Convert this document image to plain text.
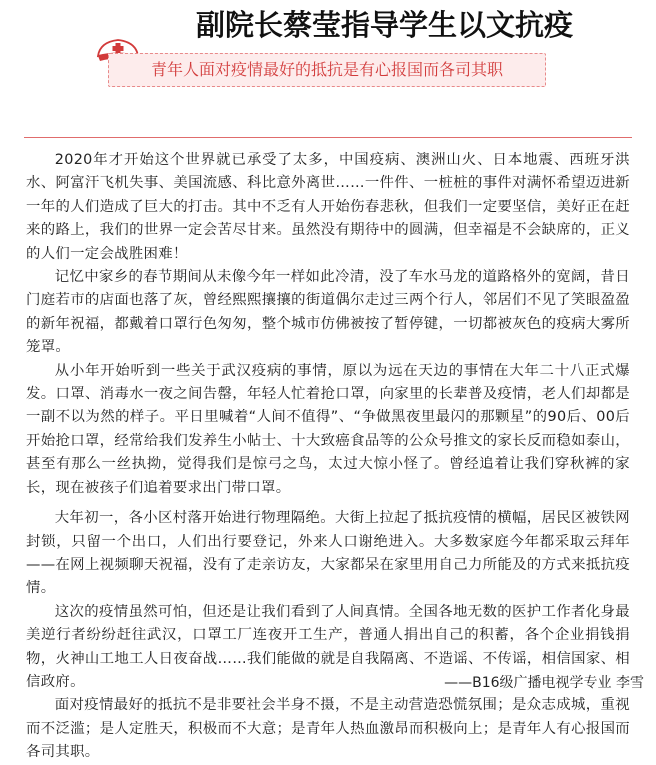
副院长蔡莹指导学生以文抗疫
青年人面对疫情最好的抵抗是有心报国而各司其职

2020年才开始这个世界就已承受了太多，中国疫病、澳洲山火、日本地震、西班牙洪水、阿富汗飞机失事、美国流感、科比意外离世……一件件、一桩桩的事件对满怀希望迈进新一年的人们造成了巨大的打击。其中不乏有人开始伤春悲秋，但我们一定要坚信，美好正在赶来的路上，我们的世界一定会苦尽甘来。虽然没有期待中的圆满，但幸福是不会缺席的，正义的人们一定会战胜困难！

记忆中家乡的春节期间从未像今年一样如此冷清，没了车水马龙的道路格外的宽阔，昔日门庭若市的店面也落了灰，曾经熙熙攘攘的街道偶尔走过三两个行人，邻居们不见了笑眼盈盈的新年祝福，都戴着口罩行色匆匆，整个城市仿佛被按了暂停键，一切都被灰色的疫病大雾所笼罩。

从小年开始听到一些关于武汉疫病的事情，原以为远在天边的事情在大年二十八正式爆发。口罩、消毒水一夜之间告罄，年轻人忙着抢口罩，向家里的长辈普及疫情，老人们却都是一副不以为然的样子。平日里喊着“人间不值得”、“争做黑夜里最闪的那颗星”的90后、00后开始抢口罩，经常给我们发养生小帖士、十大致癌食品等的公众号推文的家长反而稳如泰山，甚至有那么一丝执拗，觉得我们是惊弓之鸟，太过大惊小怪了。曾经追着让我们穿秋裤的家长，现在被孩子们追着要求出门带口罩。

大年初一，各小区村落开始进行物理隔绝。大街上拉起了抵抗疫情的横幅，居民区被铁网封锁，只留一个出口，人们出行要登记，外来人口谢绝进入。大多数家庭今年都采取云拜年——在网上视频聊天祝福，没有了走亲访友，大家都呆在家里用自己力所能及的方式来抵抗疫情。

这次的疫情虽然可怕，但还是让我们看到了人间真情。全国各地无数的医护工作者化身最美逆行者纷纷赶往武汉，口罩工厂连夜开工生产，普通人捐出自己的积蓄，各个企业捐钱捐物，火神山工地工人日夜奋战……我们能做的就是自我隔离、不造谣、不传谣，相信国家、相信政府。

面对疫情最好的抵抗不是非要社会半身不摄，不是主动营造恐慌氛围；是众志成城，重视而不泛滥；是人定胜天，积极而不大意；是青年人热血激昂而积极向上；是青年人有心报国而各司其职。

——B16级广播电视学专业 李雪
